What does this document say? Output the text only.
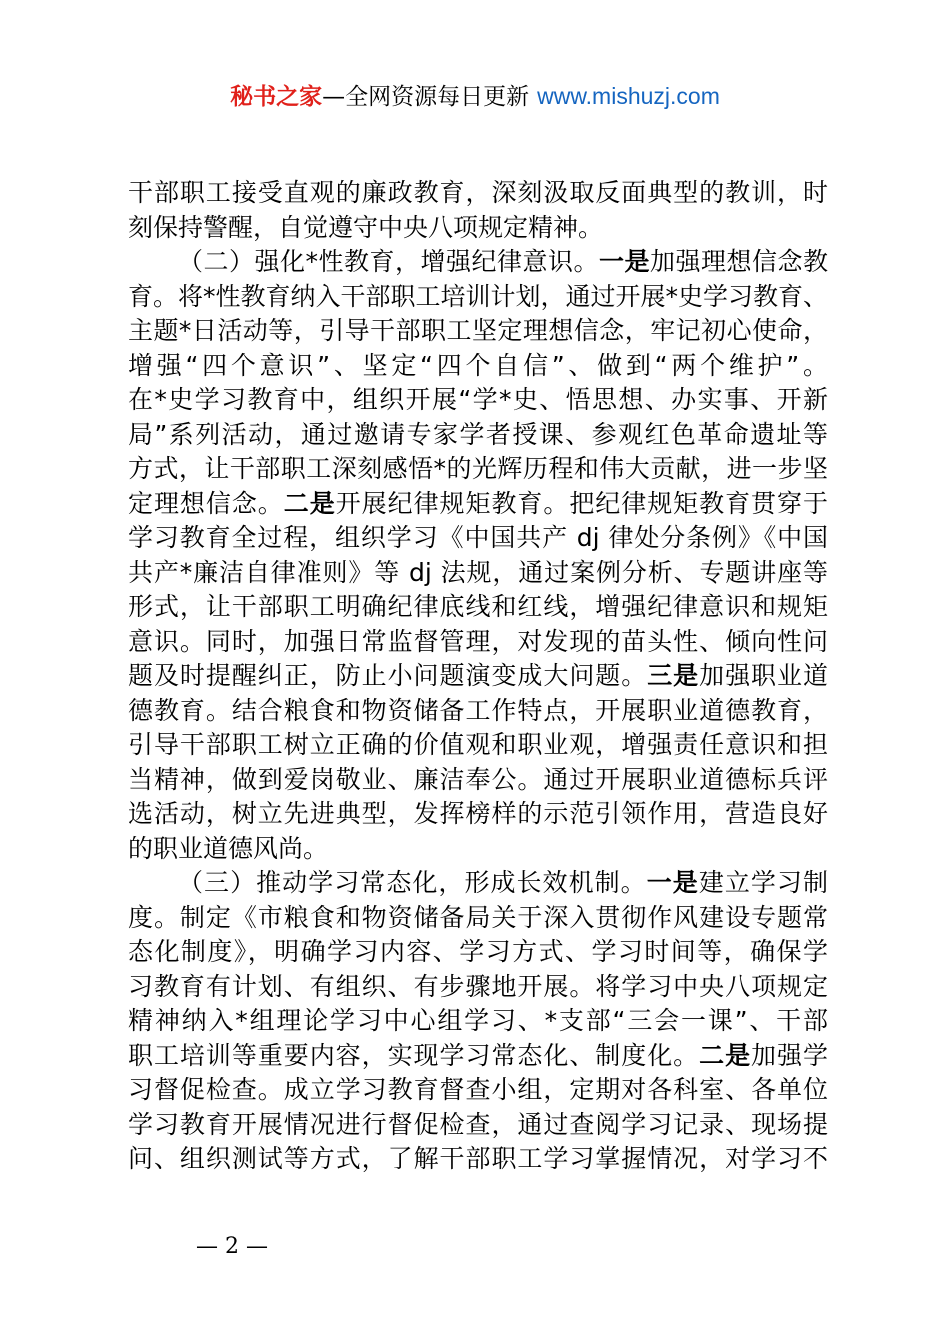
秘书之家—全网资源每日更新 www.mishuzj.com
干部职工接受直观的廉政教育，深刻汲取反面典型的教训，时
刻保持警醒，自觉遵守中央八项规定精神。
（二）强化*性教育，增强纪律意识。一是加强理想信念教
育。将*性教育纳入干部职工培训计划，通过开展*史学习教育、
主题*日活动等，引导干部职工坚定理想信念，牢记初心使命，
增强“四个意识”、坚定“四个自信”、做到“两个维护”。
在*史学习教育中，组织开展“学*史、悟思想、办实事、开新
局”系列活动，通过邀请专家学者授课、参观红色革命遗址等
方式，让干部职工深刻感悟*的光辉历程和伟大贡献，进一步坚
定理想信念。二是开展纪律规矩教育。把纪律规矩教育贯穿于
学习教育全过程，组织学习《中国共产 dj 律处分条例》《中国
共产*廉洁自律准则》等 dj 法规，通过案例分析、专题讲座等
形式，让干部职工明确纪律底线和红线，增强纪律意识和规矩
意识。同时，加强日常监督管理，对发现的苗头性、倾向性问
题及时提醒纠正，防止小问题演变成大问题。三是加强职业道
德教育。结合粮食和物资储备工作特点，开展职业道德教育，
引导干部职工树立正确的价值观和职业观，增强责任意识和担
当精神，做到爱岗敬业、廉洁奉公。通过开展职业道德标兵评
选活动，树立先进典型，发挥榜样的示范引领作用，营造良好
的职业道德风尚。
（三）推动学习常态化，形成长效机制。一是建立学习制
度。制定《市粮食和物资储备局关于深入贯彻作风建设专题常
态化制度》，明确学习内容、学习方式、学习时间等，确保学
习教育有计划、有组织、有步骤地开展。将学习中央八项规定
精神纳入*组理论学习中心组学习、*支部“三会一课”、干部
职工培训等重要内容，实现学习常态化、制度化。二是加强学
习督促检查。成立学习教育督查小组，定期对各科室、各单位
学习教育开展情况进行督促检查，通过查阅学习记录、现场提
问、组织测试等方式，了解干部职工学习掌握情况，对学习不
— 2 —
